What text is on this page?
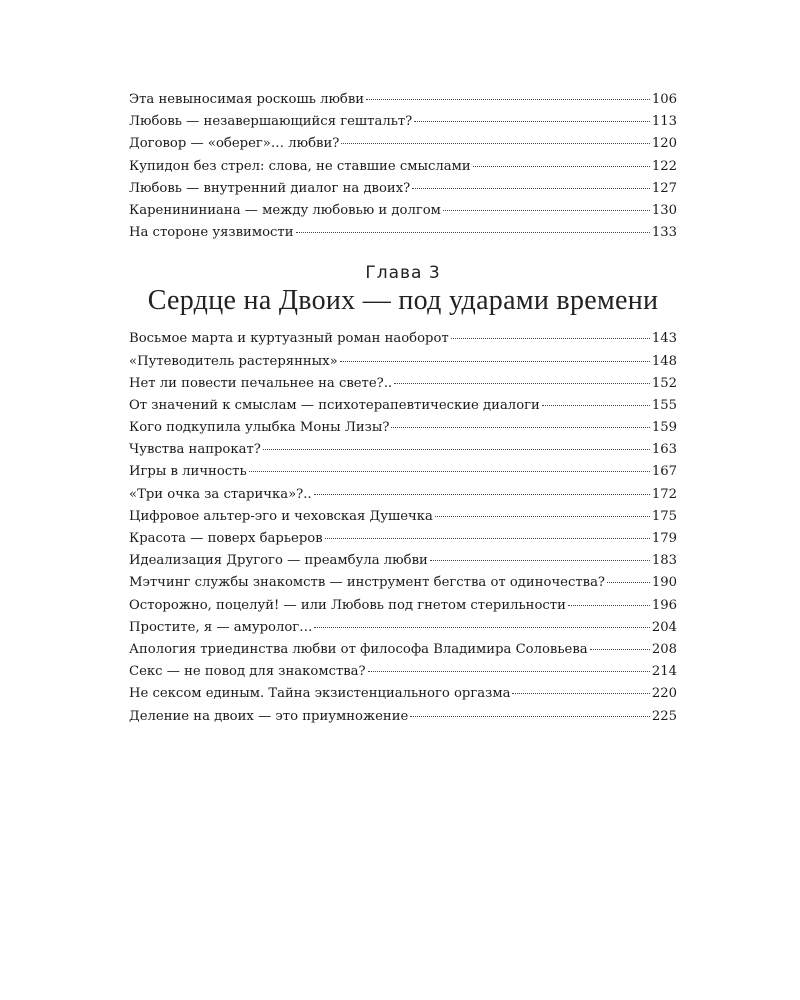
Эта невыносимая роскошь любви	106
Любовь — незавершающийся гештальт?	113
Договор — «оберег»… любви?	120
Купидон без стрел: слова, не ставшие смыслами	122
Любовь — внутренний диалог на двоих?	127
Каренининиана — между любовью и долгом	130
На стороне уязвимости	133
Глава 3
Сердце на Двоих — под ударами времени
Восьмое марта и куртуазный роман наоборот	143
«Путеводитель растерянных»	148
Нет ли повести печальнее на свете?..	152
От значений к смыслам — психотерапевтические диалоги	155
Кого подкупила улыбка Моны Лизы?	159
Чувства напрокат?	163
Игры в личность	167
«Три очка за старичка»?..	172
Цифровое альтер-эго и чеховская Душечка	175
Красота — поверх барьеров	179
Идеализация Другого — преамбула любви	183
Мэтчинг службы знакомств — инструмент бегства от одиночества?	190
Осторожно, поцелуй! — или Любовь под гнетом стерильности	196
Простите, я — амуролог…	204
Апология триединства любви от философа Владимира Соловьева	208
Секс — не повод для знакомства?	214
Не сексом единым. Тайна экзистенциального оргазма	220
Деление на двоих — это приумножение	225
